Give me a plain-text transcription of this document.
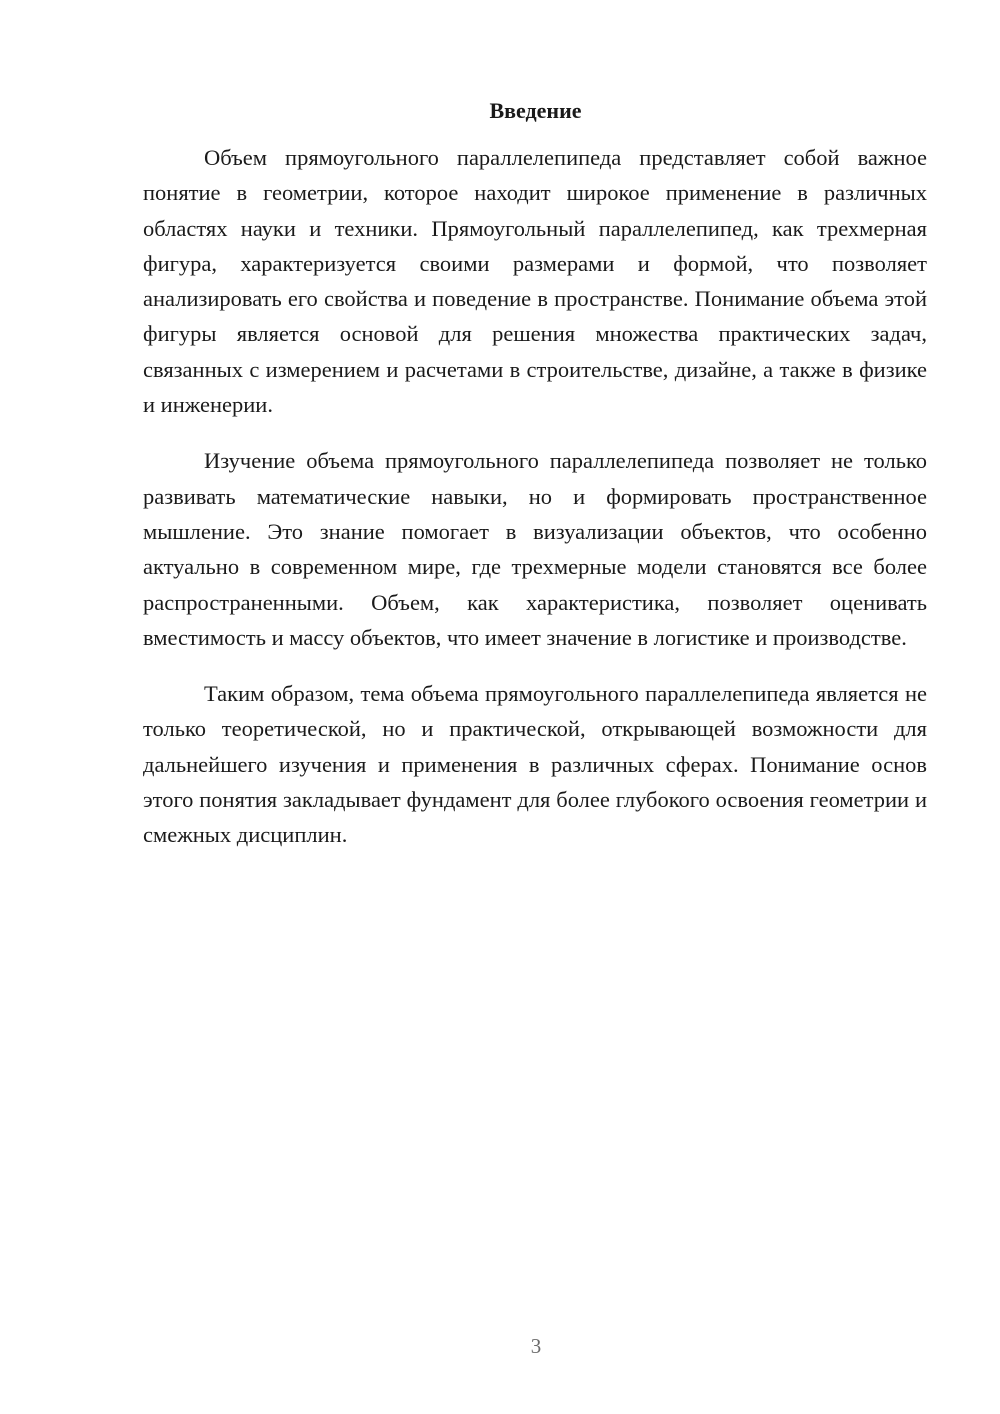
Введение

Объем прямоугольного параллелепипеда представляет собой важное понятие в геометрии, которое находит широкое применение в различных областях науки и техники. Прямоугольный параллелепипед, как трехмерная фигура, характеризуется своими размерами и формой, что позволяет анализировать его свойства и поведение в пространстве. Понимание объема этой фигуры является основой для решения множества практических задач, связанных с измерением и расчетами в строительстве, дизайне, а также в физике и инженерии.

Изучение объема прямоугольного параллелепипеда позволяет не только развивать математические навыки, но и формировать пространственное мышление. Это знание помогает в визуализации объектов, что особенно актуально в современном мире, где трехмерные модели становятся все более распространенными. Объем, как характеристика, позволяет оценивать вместимость и массу объектов, что имеет значение в логистике и производстве.

Таким образом, тема объема прямоугольного параллелепипеда является не только теоретической, но и практической, открывающей возможности для дальнейшего изучения и применения в различных сферах. Понимание основ этого понятия закладывает фундамент для более глубокого освоения геометрии и смежных дисциплин.

3
